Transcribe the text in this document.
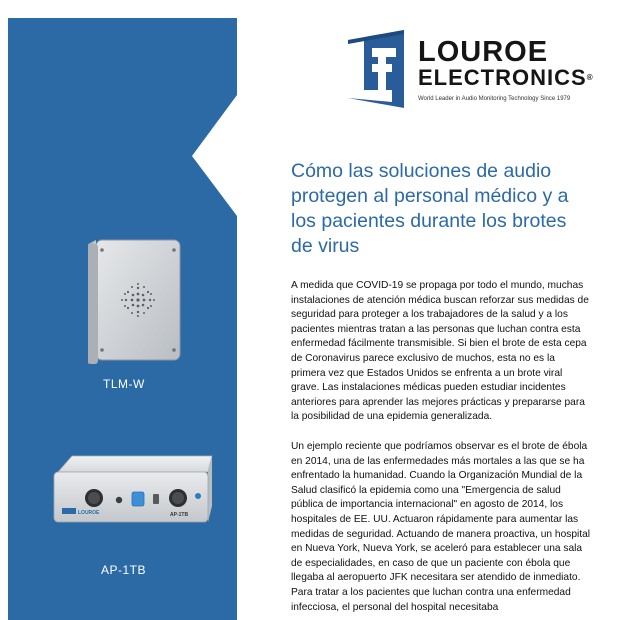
TLM-W
LOUROE	AP-1TB
AP-1TB
LOUROE
ELECTRONICS®
World Leader in Audio Monitoring Technology Since 1979
Cómo las soluciones de audio protegen al personal médico y a los pacientes durante los brotes de virus
A medida que COVID-19 se propaga por todo el mundo, muchas instalaciones de atención médica buscan reforzar sus medidas de seguridad para proteger a los trabajadores de la salud y a los pacientes mientras tratan a las personas que luchan contra esta enfermedad fácilmente transmisible. Si bien el brote de esta cepa de Coronavirus parece exclusivo de muchos, esta no es la primera vez que Estados Unidos se enfrenta a un brote viral grave. Las instalaciones médicas pueden estudiar incidentes anteriores para aprender las mejores prácticas y prepararse para la posibilidad de una epidemia generalizada.
Un ejemplo reciente que podríamos observar es el brote de ébola en 2014, una de las enfermedades más mortales a las que se ha enfrentado la humanidad. Cuando la Organización Mundial de la Salud clasificó la epidemia como una "Emergencia de salud pública de importancia internacional" en agosto de 2014, los hospitales de EE. UU. Actuaron rápidamente para aumentar las medidas de seguridad. Actuando de manera proactiva, un hospital en Nueva York, Nueva York, se aceleró para establecer una sala de especialidades, en caso de que un paciente con ébola que llegaba al aeropuerto JFK necesitara ser atendido de inmediato. Para tratar a los pacientes que luchan contra una enfermedad infecciosa, el personal del hospital necesitaba
